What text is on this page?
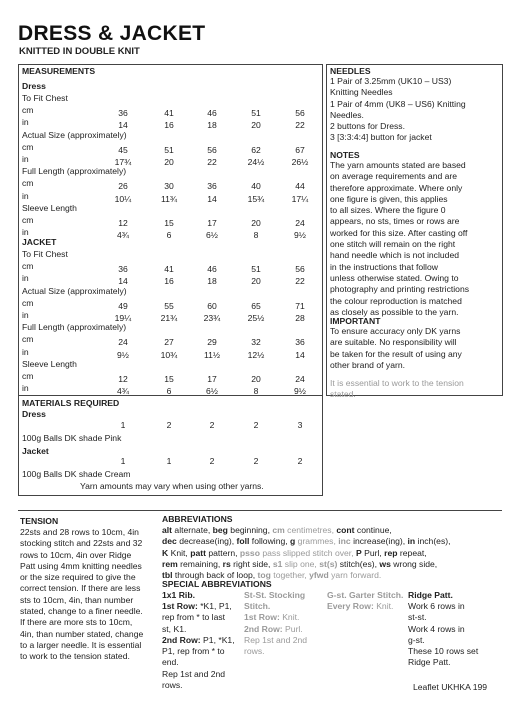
DRESS & JACKET
KNITTED IN DOUBLE KNIT
MEASUREMENTS
Dress
To Fit Chest
cm	36	41	46	51	56
in	14	16	18	20	22
Actual Size (approximately)
cm	45	51	56	62	67
in	17¾	20	22	24½	26½
Full Length (approximately)
cm	26	30	36	40	44
in	10¼	11¾	14	15¾	17¼
Sleeve Length
cm	12	15	17	20	24
in	4¾	6	6½	8	9½
JACKET
To Fit Chest
cm	36	41	46	51	56
in	14	16	18	20	22
Actual Size (approximately)
cm	49	55	60	65	71
in	19¼	21¾	23¾	25½	28
Full Length (approximately)
cm	24	27	29	32	36
in	9½	10¾	11½	12½	14
Sleeve Length
cm	12	15	17	20	24
in	4¾	6	6½	8	9½
MATERIALS REQUIRED
Dress
1	2	2	2	3
100g Balls DK shade Pink
Jacket
1	1	2	2	2
100g Balls DK shade Cream
Yarn amounts may vary when using other yarns.
NEEDLES
1 Pair of 3.25mm (UK10 – US3)
Knitting Needles
1 Pair of 4mm (UK8 – US6) Knitting
Needles.
2 buttons for Dress.
3 [3:3:4:4] button for jacket
NOTES
The yarn amounts stated are based
on average requirements and are
therefore approximate. Where only
one figure is given, this applies
to all sizes. Where the figure 0
appears, no sts, times or rows are
worked for this size. After casting off
one stitch will remain on the right
hand needle which is not included
in the instructions that follow
unless otherwise stated. Owing to
photography and printing restrictions
the colour reproduction is matched
as closely as possible to the yarn.
IMPORTANT
To ensure accuracy only DK yarns
are suitable. No responsibility will
be taken for the result of using any
other brand of yarn.
It is essential to work to the tension
stated.
TENSION
22sts and 28 rows to 10cm, 4in
stocking stitch and 22sts and 32
rows to 10cm, 4in over Ridge
Patt using 4mm knitting needles
or the size required to give the
correct tension. If there are less
sts to 10cm, 4in, than number
stated, change to a finer needle.
If there are more sts to 10cm,
4in, than number stated, change
to a larger needle. It is essential
to work to the tension stated.
ABBREVIATIONS
alt alternate, beg beginning, cm centimetres, cont continue,
dec decrease(ing), foll following, g grammes, inc increase(ing), in inch(es),
K Knit, patt pattern, psso pass slipped stitch over, P Purl, rep repeat,
rem remaining, rs right side, s1 slip one, st(s) stitch(es), ws wrong side,
tbl through back of loop, tog together, yfwd yarn forward.
SPECIAL ABBREVIATIONS
1x1 Rib.
1st Row: *K1, P1,
rep from * to last
st, K1.
2nd Row: P1, *K1,
P1, rep from * to
end.
Rep 1st and 2nd
rows.
St-St. Stocking
Stitch.
1st Row: Knit.
2nd Row: Purl.
Rep 1st and 2nd
rows.
G-st. Garter Stitch.
Every Row: Knit.
Ridge Patt.
Work 6 rows in
st-st.
Work 4 rows in
g-st.
These 10 rows set
Ridge Patt.
Leaflet UKHKA 199
